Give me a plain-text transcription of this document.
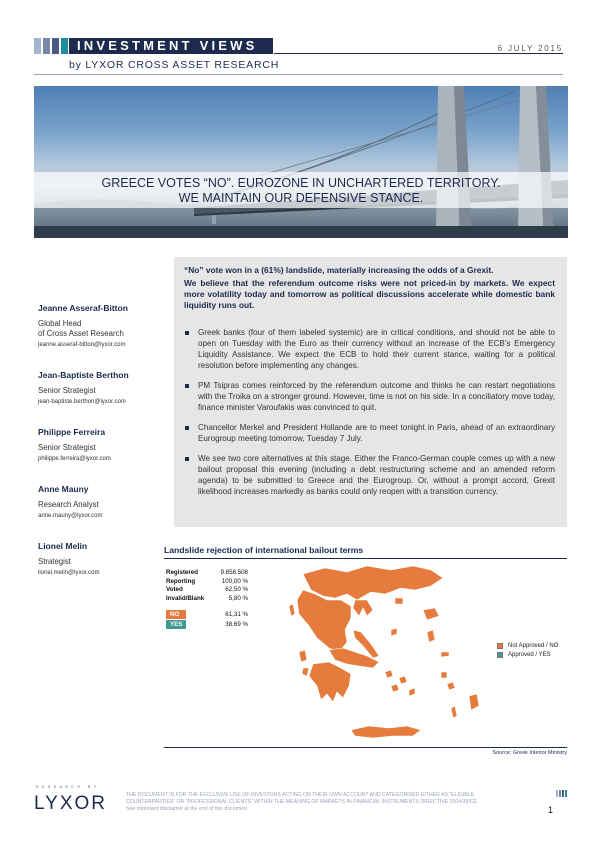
INVESTMENT VIEWS	6 JULY 2015
by LYXOR CROSS ASSET RESEARCH
GREECE VOTES “NO”. EUROZONE IN UNCHARTERED TERRITORY.
WE MAINTAIN OUR DEFENSIVE STANCE.
Jeanne Asseraf-Bitton
Global Head
of Cross Asset Research
jeanne.asseraf-bitton@lyxor.com
Jean-Baptiste Berthon
Senior Strategist
jean-baptiste.berthon@lyxor.com
Philippe Ferreira
Senior Strategist
philippe.ferreira@lyxor.com
Anne Mauny
Research Analyst
anne.mauny@lyxor.com
Lionel Melin
Strategist
lionel.melin@lyxor.com
“No” vote won in a (61%) landslide, materially increasing the odds of a Grexit.
We believe that the referendum outcome risks were not priced-in by markets. We expect more volatility today and tomorrow as political discussions accelerate while domestic bank liquidity runs out.
Greek banks (four of them labeled systemic) are in critical conditions, and should not be able to open on Tuesday with the Euro as their currency without an increase of the ECB’s Emergency Liquidity Assistance. We expect the ECB to hold their current stance, waiting for a political resolution before implementing any changes.
PM Tsipras comes reinforced by the referendum outcome and thinks he can restart negotiations with the Troika on a stronger ground. However, time is not on his side. In a conciliatory move today, finance minister Varoufakis was convinced to quit.
Chancellor Merkel and President Hollande are to meet tonight in Paris, ahead of an extraordinary Eurogroup meeting tomorrow, Tuesday 7 July.
We see two core alternatives at this stage. Either the Franco-German couple comes up with a new bailout proposal this evening (including a debt restructuring scheme and an amended reform agenda) to be submitted to Greece and the Eurogroup. Or, without a prompt accord, Grexit likelihood increases markedly as banks could only reopen with a transition currency.
Landslide rejection of international bailout terms
Registered	9.858.508
Reporting	100,00 %
Voted	62,50 %
Invalid/Blank	5,80 %
NO	61,31 %
YES	38,69 %
Not Approved / NO
Approved / YES
Source: Greek Interior Ministry
RESEARCH BY
LYXOR	THE DOCUMENT IS FOR THE EXCLUSIVE USE OF INVESTORS ACTING ON THEIR OWN ACCOUNT AND CATEGORISED EITHER AS “ELIGIBLE
COUNTERPARTIES” OR “PROFESSIONAL CLIENTS” WITHIN THE MEANING OF MARKETS IN FINANCIAL INSTRUMENTS DIRECTIVE 2004/39/CE
See important disclaimer at the end of this document.	1
